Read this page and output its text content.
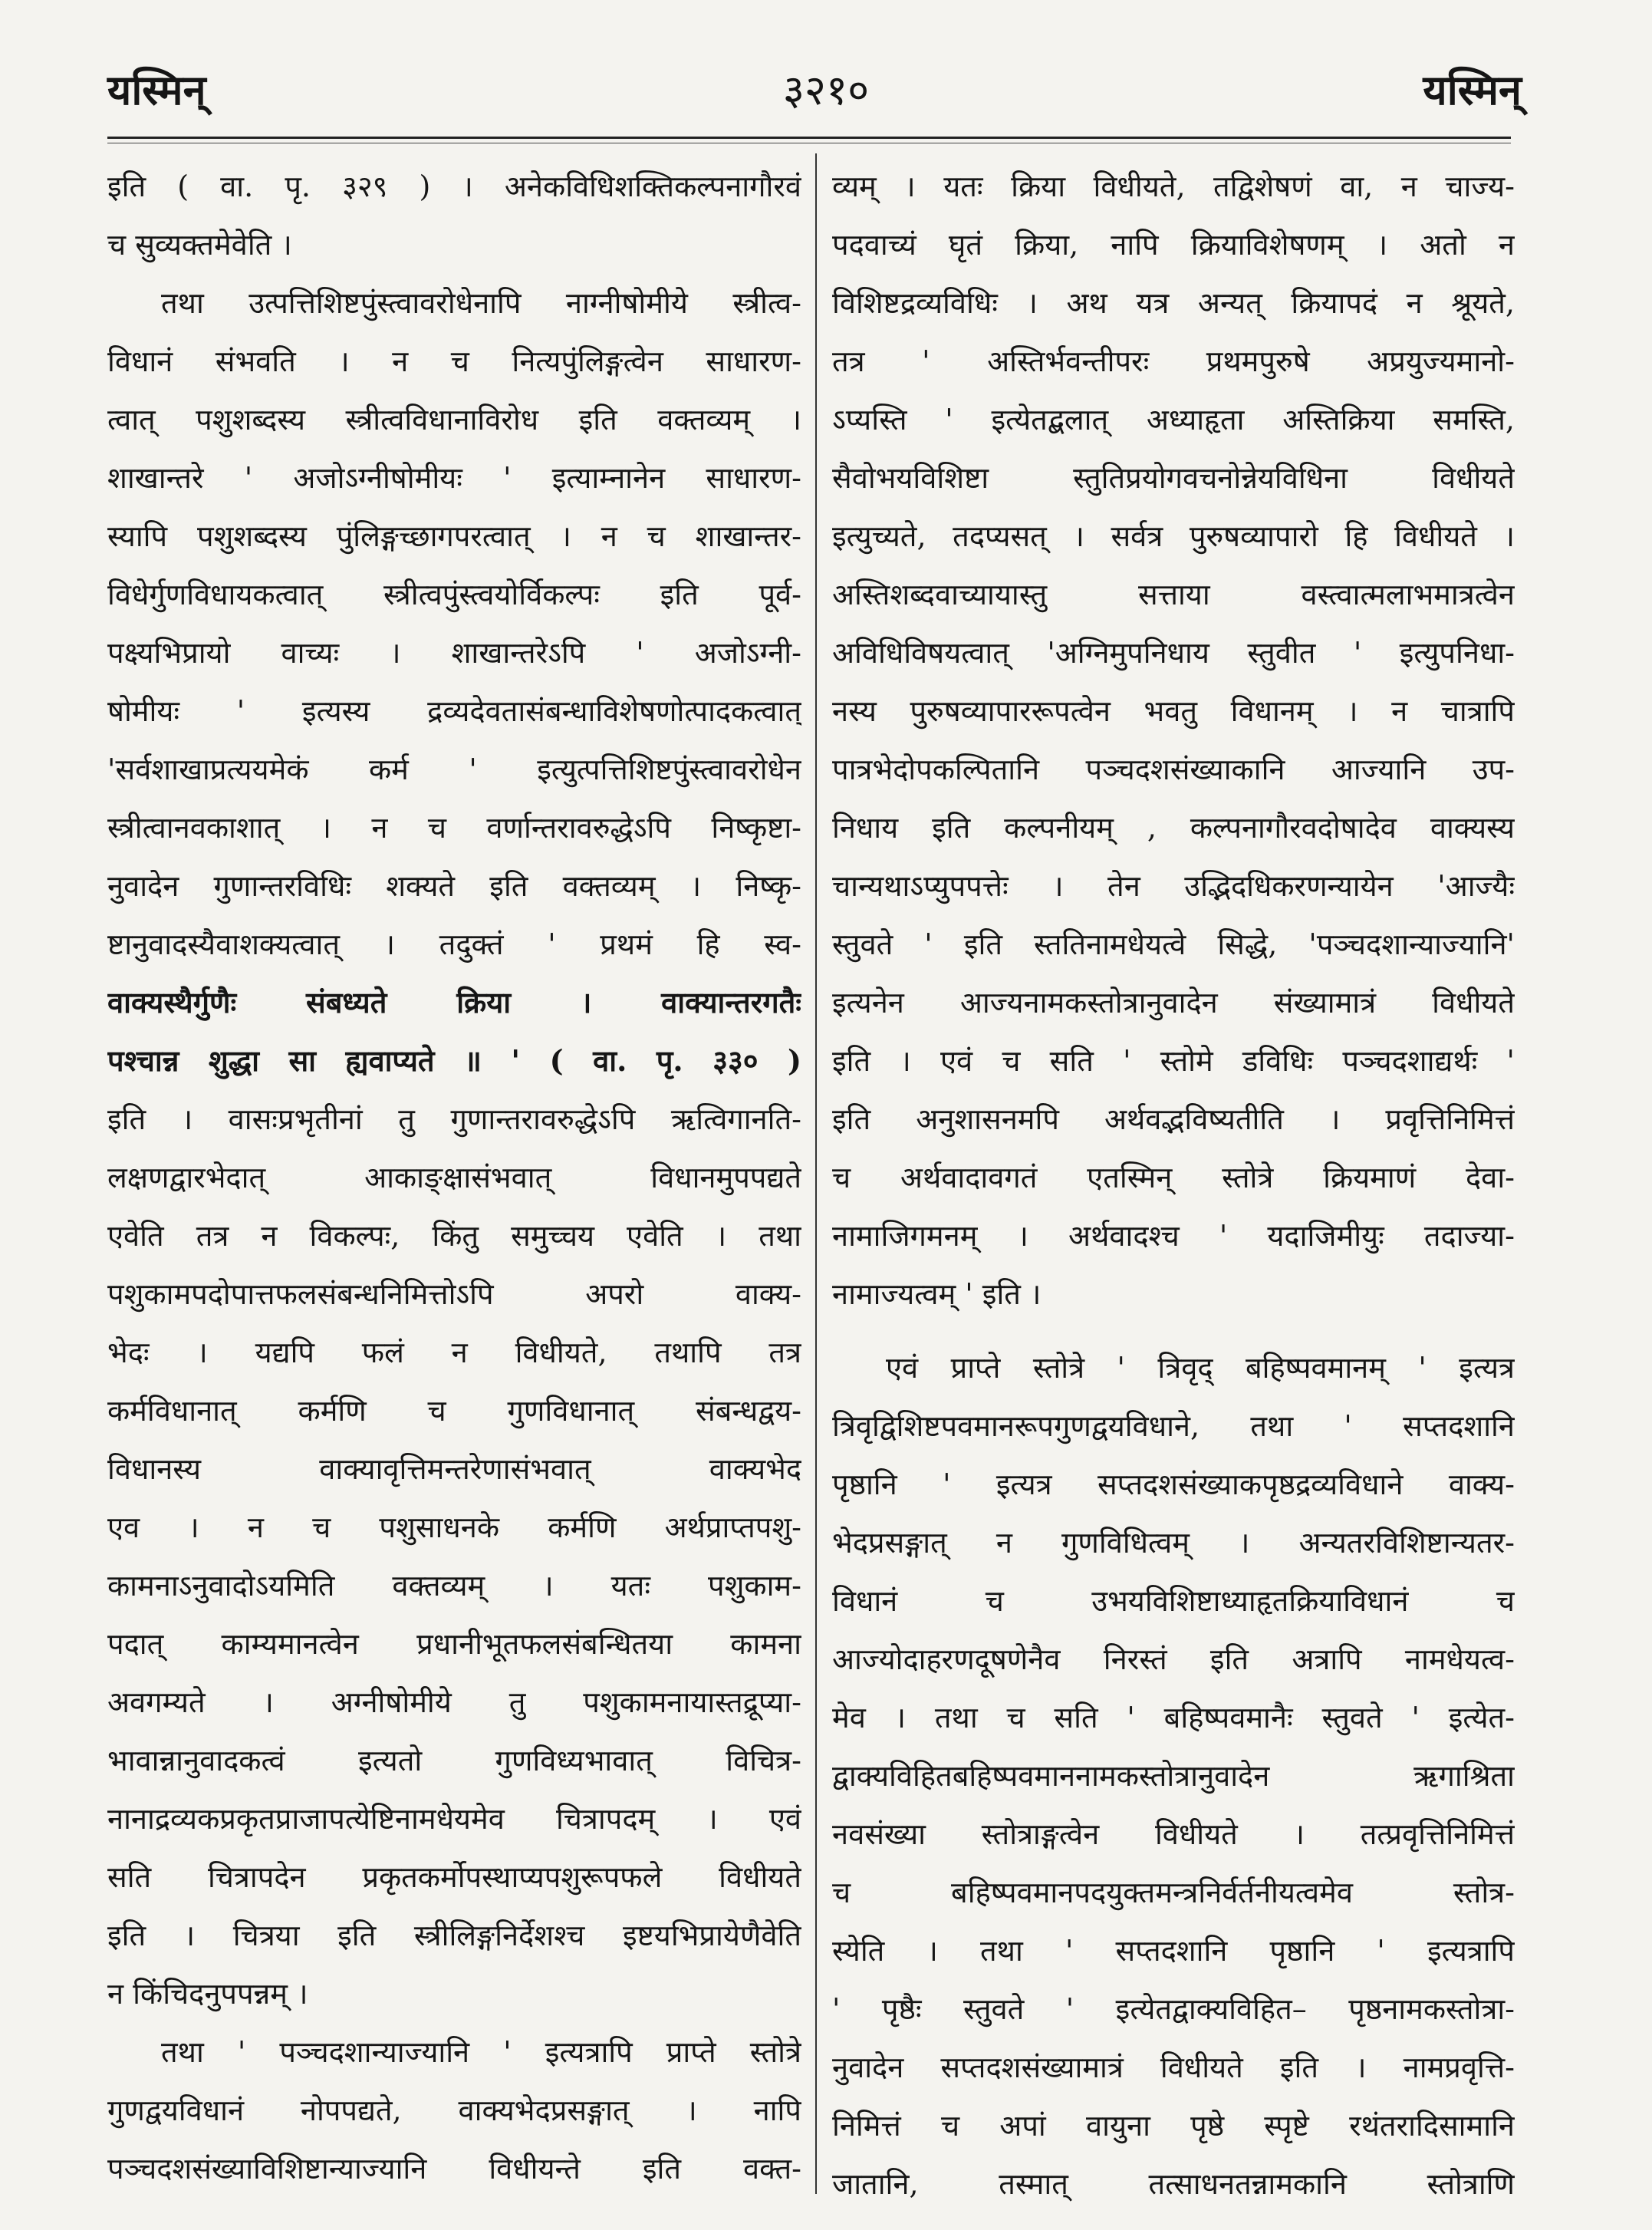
यस्मिन्	३२१०	यस्मिन्
इति ( वा. पृ. ३२९ ) । अनेकविधिशक्तिकल्पनागौरवं
च सुव्यक्तमेवेति ।
तथा उत्पत्तिशिष्टपुंस्त्वावरोधेनापि नाग्नीषोमीये स्त्रीत्व-
विधानं संभवति । न च नित्यपुंलिङ्गत्वेन साधारण-
त्वात् पशुशब्दस्य स्त्रीत्वविधानाविरोध इति वक्तव्यम् ।
शाखान्तरे ' अजोऽग्नीषोमीयः ' इत्याम्नानेन साधारण-
स्यापि पशुशब्दस्य पुंलिङ्गच्छागपरत्वात् । न च शाखान्तर-
विधेर्गुणविधायकत्वात् स्त्रीत्वपुंस्त्वयोर्विकल्पः इति पूर्व-
पक्ष्यभिप्रायो वाच्यः । शाखान्तरेऽपि ' अजोऽग्नी-
षोमीयः ' इत्यस्य द्रव्यदेवतासंबन्धाविशेषणोत्पादकत्वात्
'सर्वशाखाप्रत्ययमेकं कर्म ' इत्युत्पत्तिशिष्टपुंस्त्वावरोधेन
स्त्रीत्वानवकाशात् । न च वर्णान्तरावरुद्धेऽपि निष्कृष्टा-
नुवादेन गुणान्तरविधिः शक्यते इति वक्तव्यम् । निष्कृ-
ष्टानुवादस्यैवाशक्यत्वात् । तदुक्तं ' प्रथमं हि स्व-
वाक्यस्थैर्गुणैः संबध्यते क्रिया । वाक्यान्तरगतैः
पश्चान्न शुद्धा सा ह्यवाप्यते ॥ ' ( वा. पृ. ३३० )
इति । वासःप्रभृतीनां तु गुणान्तरावरुद्धेऽपि ऋत्विगानति-
लक्षणद्वारभेदात् आकाङ्क्षासंभवात् विधानमुपपद्यते
एवेति तत्र न विकल्पः, किंतु समुच्चय एवेति । तथा
पशुकामपदोपात्तफलसंबन्धनिमित्तोऽपि अपरो वाक्य-
भेदः । यद्यपि फलं न विधीयते, तथापि तत्र
कर्मविधानात् कर्मणि च गुणविधानात् संबन्धद्वय-
विधानस्य वाक्यावृत्तिमन्तरेणासंभवात् वाक्यभेद
एव । न च पशुसाधनके कर्मणि अर्थप्राप्तपशु-
कामनाऽनुवादोऽयमिति वक्तव्यम् । यतः पशुकाम-
पदात् काम्यमानत्वेन प्रधानीभूतफलसंबन्धितया कामना
अवगम्यते । अग्नीषोमीये तु पशुकामनायास्तद्रूप्या-
भावान्नानुवादकत्वं इत्यतो गुणविध्यभावात् विचित्र-
नानाद्रव्यकप्रकृतप्राजापत्येष्टिनामधेयमेव चित्रापदम् । एवं
सति चित्रापदेन प्रकृतकर्मोपस्थाप्यपशुरूपफले विधीयते
इति । चित्रया इति स्त्रीलिङ्गनिर्देशश्च इष्टयभिप्रायेणैवेति
न किंचिदनुपपन्नम् ।
तथा ' पञ्चदशान्याज्यानि ' इत्यत्रापि प्राप्ते स्तोत्रे
गुणद्वयविधानं नोपपद्यते, वाक्यभेदप्रसङ्गात् । नापि
पञ्चदशसंख्याविशिष्टान्याज्यानि विधीयन्ते इति वक्त-
व्यम् । यतः क्रिया विधीयते, तद्विशेषणं वा, न चाज्य-
पदवाच्यं घृतं क्रिया, नापि क्रियाविशेषणम् । अतो न
विशिष्टद्रव्यविधिः । अथ यत्र अन्यत् क्रियापदं न श्रूयते,
तत्र ' अस्तिर्भवन्तीपरः प्रथमपुरुषे अप्रयुज्यमानो-
ऽप्यस्ति ' इत्येतद्बलात् अध्याहृता अस्तिक्रिया समस्ति,
सैवोभयविशिष्टा स्तुतिप्रयोगवचनोन्नेयविधिना विधीयते
इत्युच्यते, तदप्यसत् । सर्वत्र पुरुषव्यापारो हि विधीयते ।
अस्तिशब्दवाच्यायास्तु सत्ताया वस्त्वात्मलाभमात्रत्वेन
अविधिविषयत्वात् 'अग्निमुपनिधाय स्तुवीत ' इत्युपनिधा-
नस्य पुरुषव्यापाररूपत्वेन भवतु विधानम् । न चात्रापि
पात्रभेदोपकल्पितानि पञ्चदशसंख्याकानि आज्यानि उप-
निधाय इति कल्पनीयम् , कल्पनागौरवदोषादेव वाक्यस्य
चान्यथाऽप्युपपत्तेः । तेन उद्भिदधिकरणन्यायेन 'आज्यैः
स्तुवते ' इति स्ततिनामधेयत्वे सिद्धे, 'पञ्चदशान्याज्यानि'
इत्यनेन आज्यनामकस्तोत्रानुवादेन संख्यामात्रं विधीयते
इति । एवं च सति ' स्तोमे डविधिः पञ्चदशाद्यर्थः '
इति अनुशासनमपि अर्थवद्भविष्यतीति । प्रवृत्तिनिमित्तं
च अर्थवादावगतं एतस्मिन् स्तोत्रे क्रियमाणं देवा-
नामाजिगमनम् । अर्थवादश्च ' यदाजिमीयुः तदाज्या-
नामाज्यत्वम् ' इति ।
एवं प्राप्ते स्तोत्रे ' त्रिवृद् बहिष्पवमानम् ' इत्यत्र
त्रिवृद्विशिष्टपवमानरूपगुणद्वयविधाने, तथा ' सप्तदशानि
पृष्ठानि ' इत्यत्र सप्तदशसंख्याकपृष्ठद्रव्यविधाने वाक्य-
भेदप्रसङ्गात् न गुणविधित्वम् । अन्यतरविशिष्टान्यतर-
विधानं च उभयविशिष्टाध्याहृतक्रियाविधानं च
आज्योदाहरणदूषणेनैव निरस्तं इति अत्रापि नामधेयत्व-
मेव । तथा च सति ' बहिष्पवमानैः स्तुवते ' इत्येत-
द्वाक्यविहितबहिष्पवमाननामकस्तोत्रानुवादेन ऋगाश्रिता
नवसंख्या स्तोत्राङ्गत्वेन विधीयते । तत्प्रवृत्तिनिमित्तं
च बहिष्पवमानपदयुक्तमन्त्रनिर्वर्तनीयत्वमेव स्तोत्र-
स्येति । तथा ' सप्तदशानि पृष्ठानि ' इत्यत्रापि
' पृष्ठैः स्तुवते ' इत्येतद्वाक्यविहित– पृष्ठनामकस्तोत्रा-
नुवादेन सप्तदशसंख्यामात्रं विधीयते इति । नामप्रवृत्ति-
निमित्तं च अपां वायुना पृष्ठे स्पृष्टे रथंतरादिसामानि
जातानि, तस्मात् तत्साधनतन्नामकानि स्तोत्राणि
